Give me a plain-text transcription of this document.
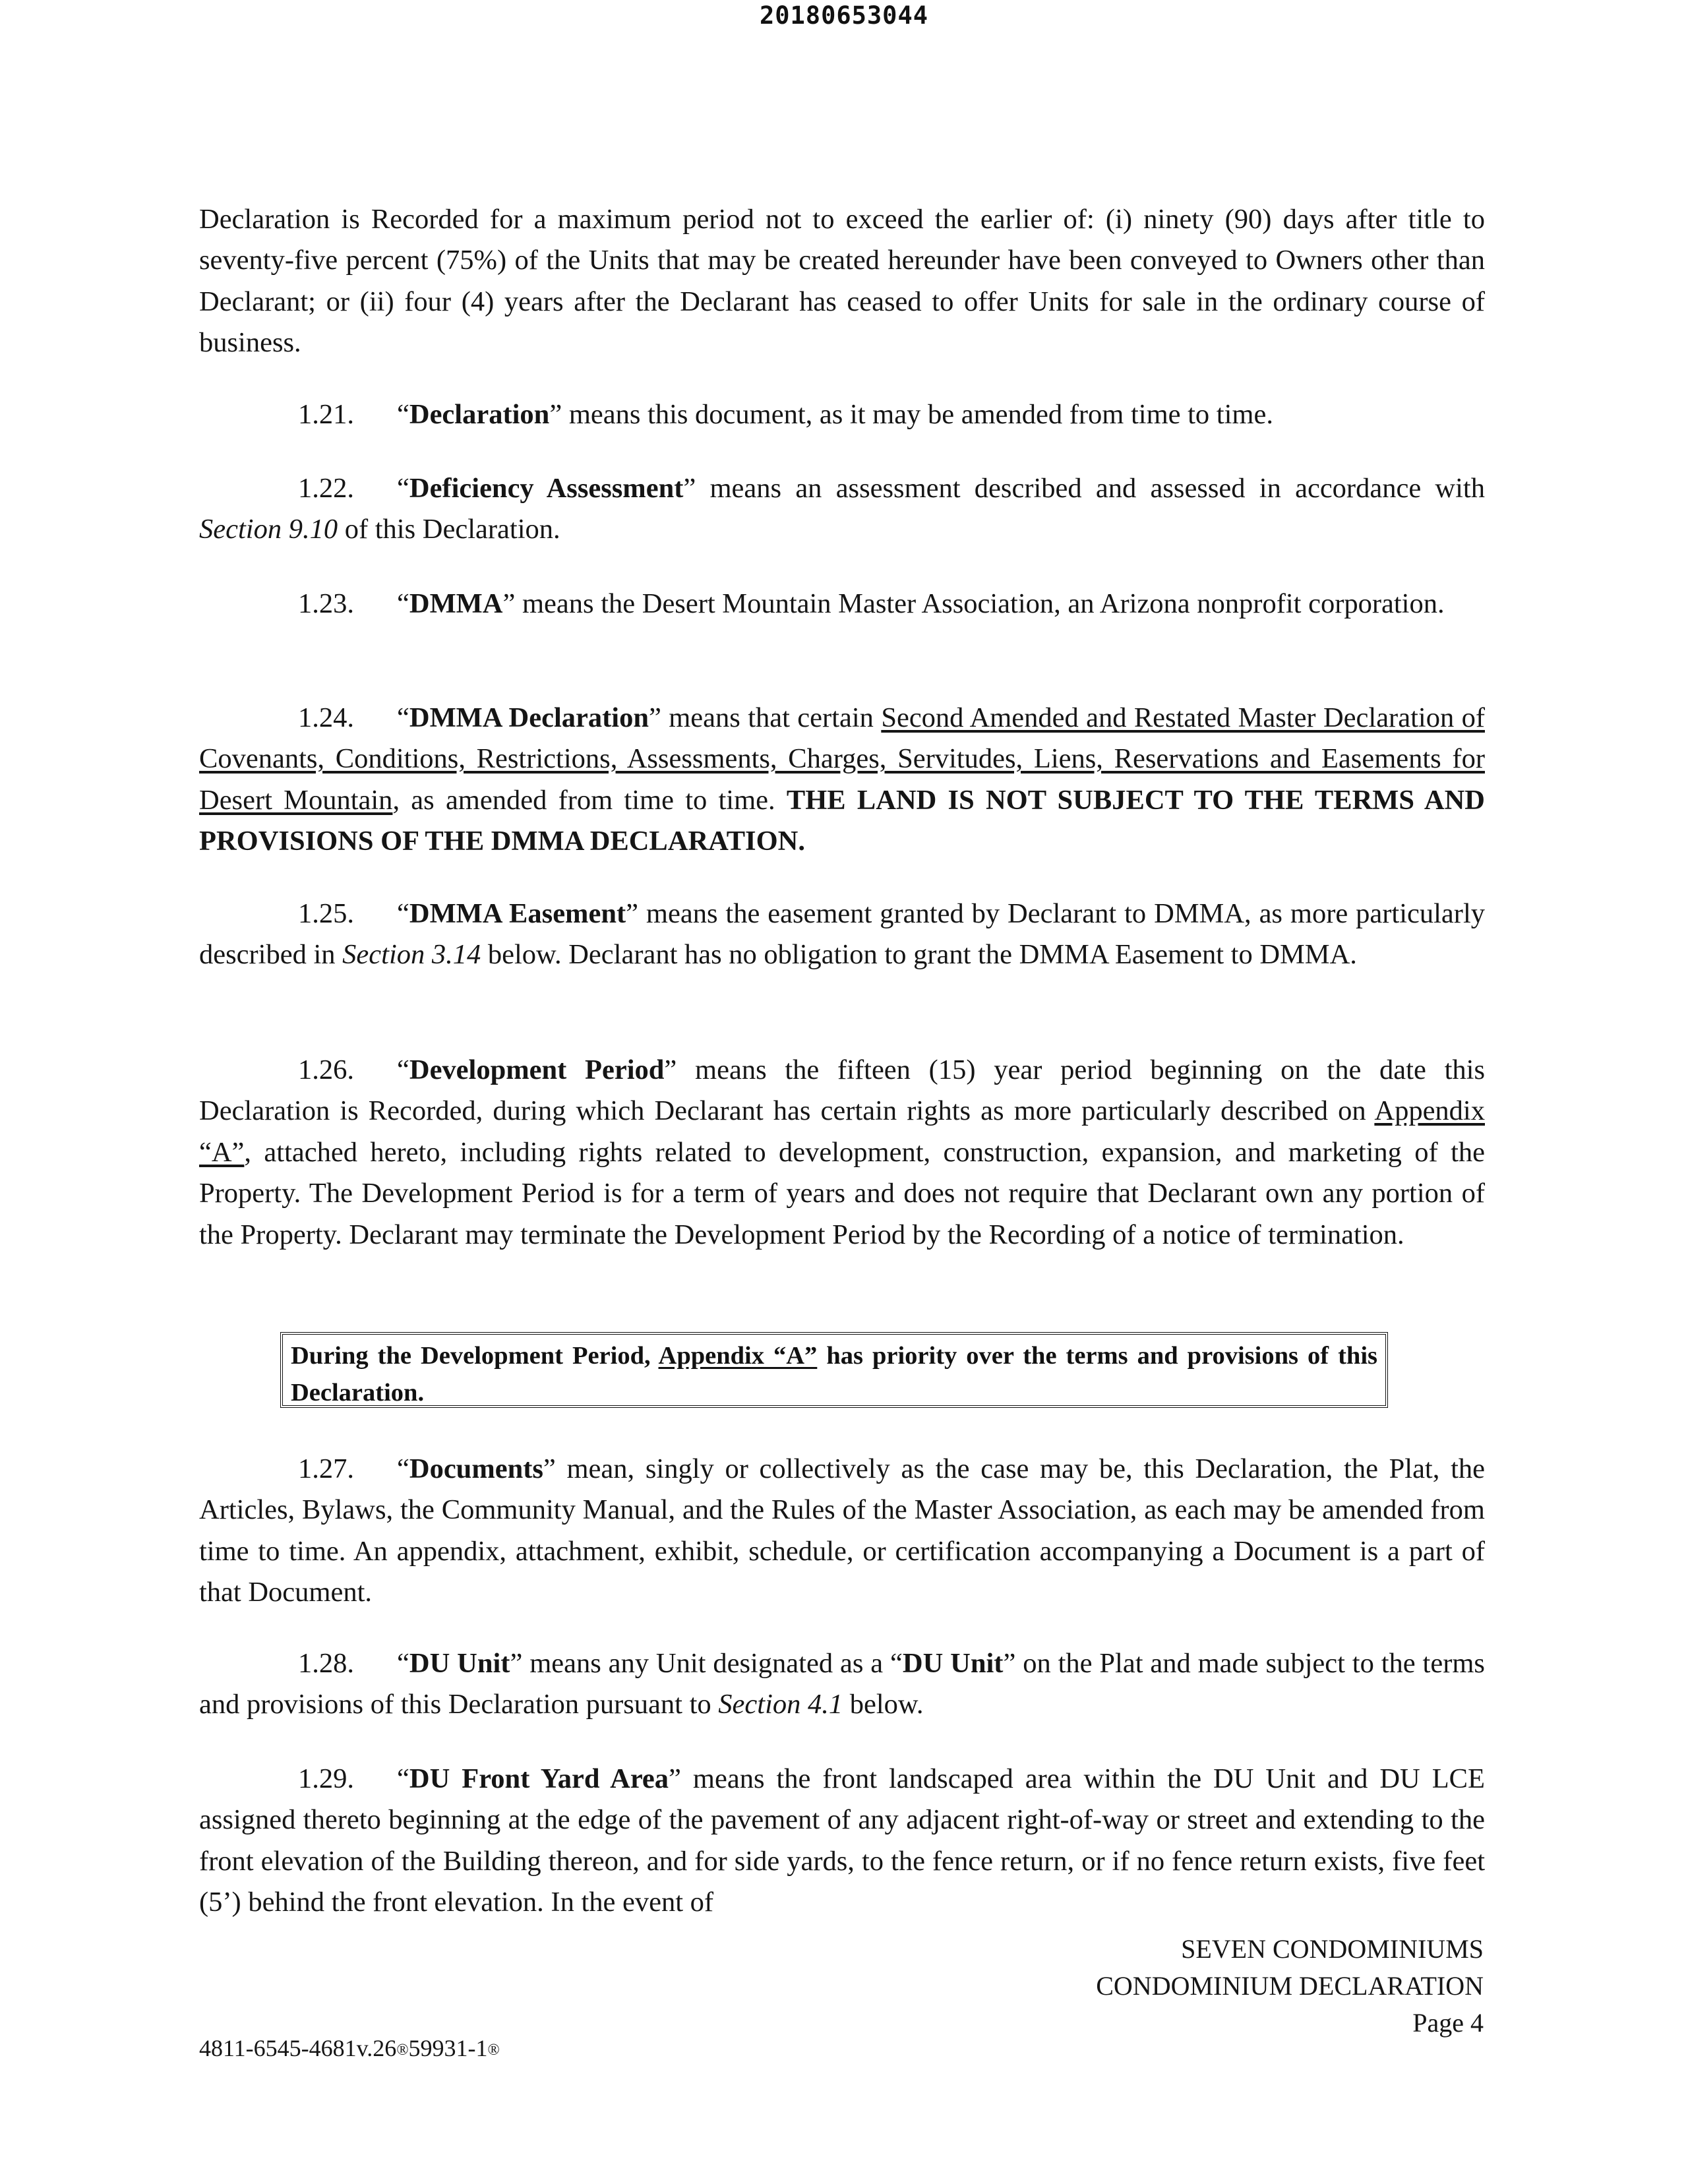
20180653044

Declaration is Recorded for a maximum period not to exceed the earlier of: (i) ninety (90) days after title to seventy-five percent (75%) of the Units that may be created hereunder have been conveyed to Owners other than Declarant; or (ii) four (4) years after the Declarant has ceased to offer Units for sale in the ordinary course of business.

1.21. “Declaration” means this document, as it may be amended from time to time.

1.22. “Deficiency Assessment” means an assessment described and assessed in accordance with Section 9.10 of this Declaration.

1.23. “DMMA” means the Desert Mountain Master Association, an Arizona nonprofit corporation.

1.24. “DMMA Declaration” means that certain Second Amended and Restated Master Declaration of Covenants, Conditions, Restrictions, Assessments, Charges, Servitudes, Liens, Reservations and Easements for Desert Mountain, as amended from time to time. THE LAND IS NOT SUBJECT TO THE TERMS AND PROVISIONS OF THE DMMA DECLARATION.

1.25. “DMMA Easement” means the easement granted by Declarant to DMMA, as more particularly described in Section 3.14 below. Declarant has no obligation to grant the DMMA Easement to DMMA.

1.26. “Development Period” means the fifteen (15) year period beginning on the date this Declaration is Recorded, during which Declarant has certain rights as more particularly described on Appendix “A”, attached hereto, including rights related to development, construction, expansion, and marketing of the Property. The Development Period is for a term of years and does not require that Declarant own any portion of the Property. Declarant may terminate the Development Period by the Recording of a notice of termination.

During the Development Period, Appendix “A” has priority over the terms and provisions of this Declaration.

1.27. “Documents” mean, singly or collectively as the case may be, this Declaration, the Plat, the Articles, Bylaws, the Community Manual, and the Rules of the Master Association, as each may be amended from time to time. An appendix, attachment, exhibit, schedule, or certification accompanying a Document is a part of that Document.

1.28. “DU Unit” means any Unit designated as a “DU Unit” on the Plat and made subject to the terms and provisions of this Declaration pursuant to Section 4.1 below.

1.29. “DU Front Yard Area” means the front landscaped area within the DU Unit and DU LCE assigned thereto beginning at the edge of the pavement of any adjacent right-of-way or street and extending to the front elevation of the Building thereon, and for side yards, to the fence return, or if no fence return exists, five feet (5’) behind the front elevation. In the event of

SEVEN CONDOMINIUMS
CONDOMINIUM DECLARATION
Page 4
4811-6545-4681v.26®59931-1®
